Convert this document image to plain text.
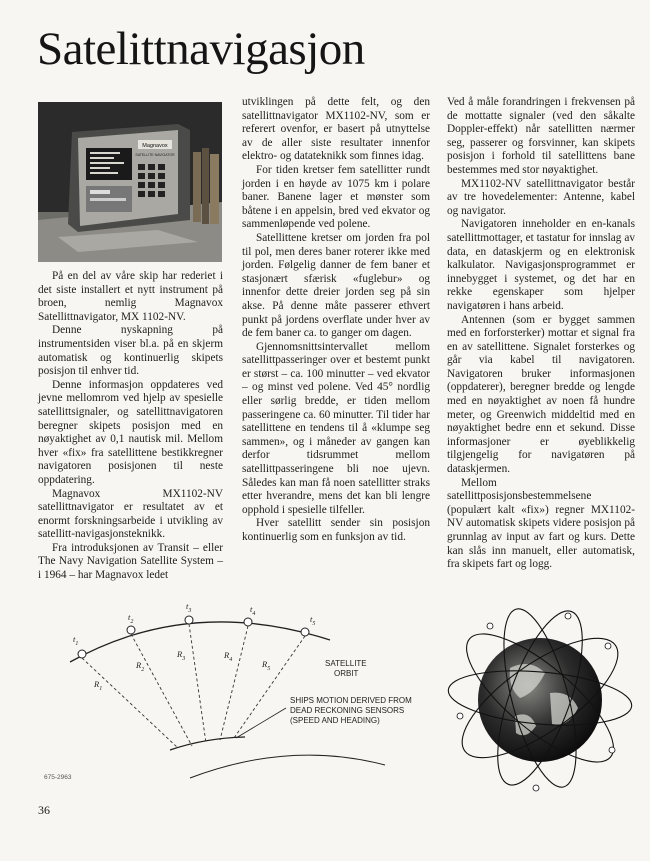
Satelittnavigasjon
Magnavox
SATELLITE NAVIGATOR

På en del av våre skip har rederiet i det siste installert et nytt instrument på broen, nemlig Magnavox Satellittnavigator, MX 1102-NV.

Denne nyskapning på instrumentsiden viser bl.a. på en skjerm automatisk og kontinuerlig skipets posisjon til enhver tid.

Denne informasjon oppdateres ved jevne mellomrom ved hjelp av spesielle satellittsignaler, og satellittnavigatoren beregner skipets posisjon med en nøyaktighet av 0,1 nautisk mil. Mellom hver «fix» fra satellittene bestikkregner navigatoren posisjonen til neste oppdatering.

Magnavox MX1102-NV satellittnavigator er resultatet av et enormt forskningsarbeide i utvikling av satellitt-navigasjonsteknikk.

Fra introduksjonen av Transit – eller The Navy Navigation Satellite System – i 1964 – har Magnavox ledet

utviklingen på dette felt, og den satellittnavigator MX1102-NV, som er referert ovenfor, er basert på utnyttelse av de aller siste resultater innenfor elektro- og datateknikk som finnes idag.

For tiden kretser fem satellitter rundt jorden i en høyde av 1075 km i polare baner. Banene lager et mønster som båtene i en appelsin, bred ved ekvator og sammenløpende ved polene.

Satellittene kretser om jorden fra pol til pol, men deres baner roterer ikke med jorden. Følgelig danner de fem baner et stasjonært sfærisk «fuglebur» og innenfor dette dreier jorden seg på sin akse. På denne måte passerer ethvert punkt på jordens overflate under hver av de fem baner ca. to ganger om dagen.

Gjennomsnittsintervallet mellom satellittpasseringer over et bestemt punkt er størst – ca. 100 minutter – ved ekvator – og minst ved polene. Ved 45° nordlig eller sørlig bredde, er tiden mellom passeringene ca. 60 minutter. Til tider har satellittene en tendens til å «klumpe seg sammen», og i måneder av gangen kan derfor tidsrummet mellom satellittpasseringene bli noe ujevn. Således kan man få noen satellitter straks etter hverandre, mens det kan bli lengre opphold i spesielle tilfeller.

Hver satellitt sender sin posisjon kontinuerlig som en funksjon av tid.

Ved å måle forandringen i frekvensen på de mottatte signaler (ved den såkalte Doppler-effekt) når satellitten nærmer seg, passerer og forsvinner, kan skipets posisjon i forhold til satellittens bane bestemmes med stor nøyaktighet.

MX1102-NV satellittnavigator består av tre hovedelementer: Antenne, kabel og navigator.

Navigatoren inneholder en en-kanals satellittmottager, et tastatur for innslag av data, en dataskjerm og en elektronisk kalkulator. Navigasjonsprogrammet er innebygget i systemet, og det har en rekke egenskaper som hjelper navigatøren i hans arbeid.

Antennen (som er bygget sammen med en forforsterker) mottar et signal fra en av satellittene. Signalet forsterkes og går via kabel til navigatoren. Navigatoren bruker informasjonen (oppdaterer), beregner bredde og lengde med en nøyaktighet av noen få hundre meter, og Greenwich middeltid med en nøyaktighet bedre enn et sekund. Disse informasjoner er øyeblikkelig tilgjengelig for navigatøren på dataskjermen.

Mellom satellittposisjonsbestemmelsene (populært kalt «fix») regner MX1102-NV automatisk skipets videre posisjon på grunnlag av input av fart og kurs. Dette kan slås inn manuelt, eller automatisk, fra skipets fart og logg.

$t_1$
$t_2$
$t_3$	$t_4$	$t_5$
$R_1$
$R_2$
$R_3$	$R_4$	$R_5$
SATELLITE
ORBIT
SHIPS MOTION DERIVED FROM
DEAD RECKONING SENSORS
(SPEED AND HEADING)
675-2963
36
